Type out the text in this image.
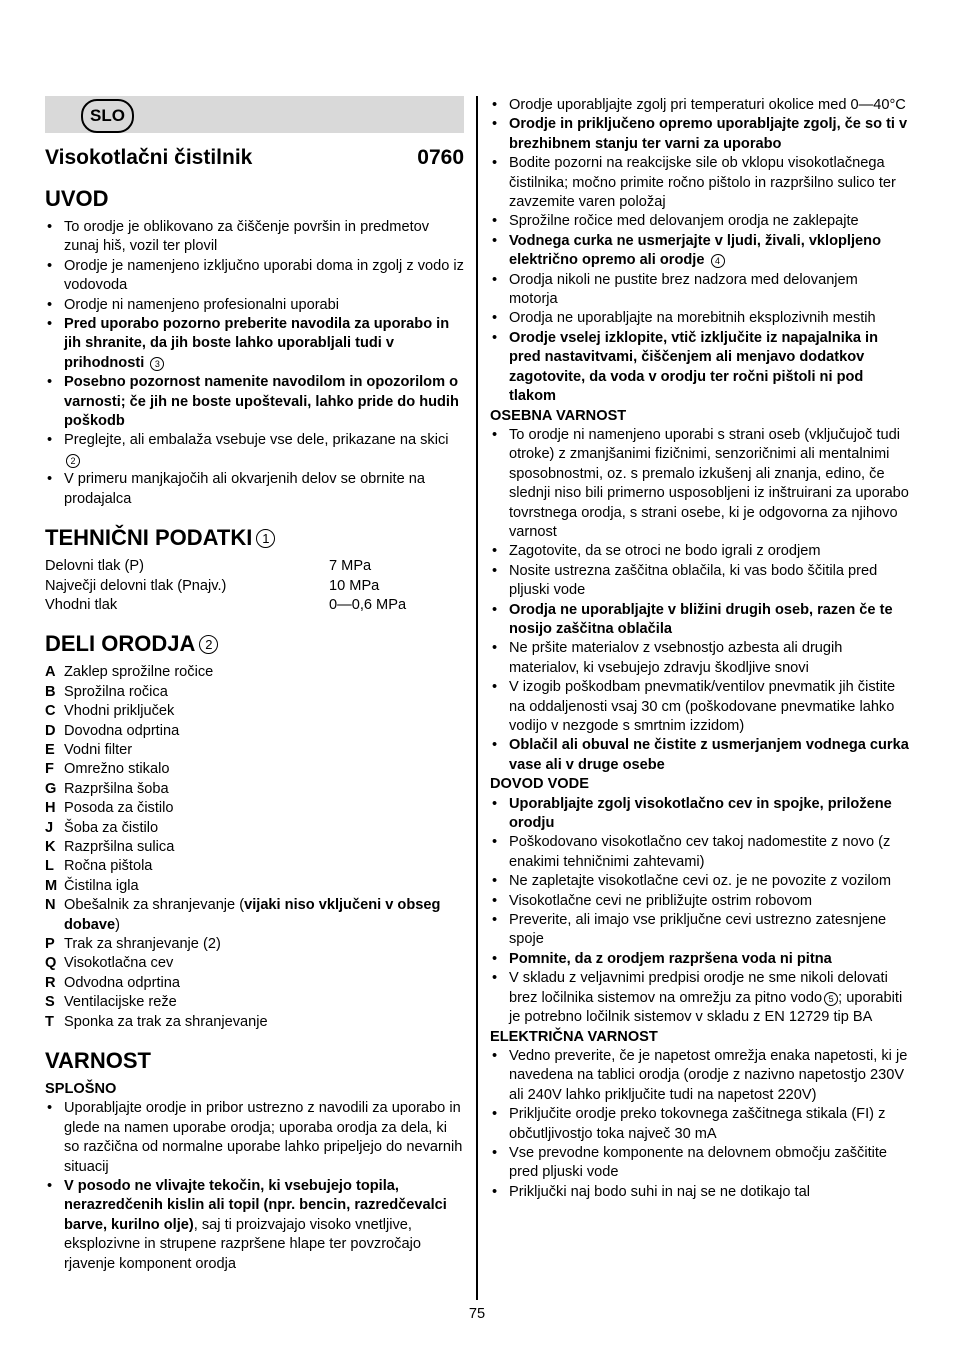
SLO
Visokotlačni čistilnik	0760
UVOD
• To orodje je oblikovano za čiščenje površin in predmetov zunaj hiš, vozil ter plovil
• Orodje je namenjeno izključno uporabi doma in zgolj z vodo iz vodovoda
• Orodje ni namenjeno profesionalni uporabi
• Pred uporabo pozorno preberite navodila za uporabo in jih shranite, da jih boste lahko uporabljali tudi v prihodnosti 3
• Posebno pozornost namenite navodilom in opozorilom o varnosti; če jih ne boste upoštevali, lahko pride do hudih poškodb
• Preglejte, ali embalaža vsebuje vse dele, prikazane na skici 2
• V primeru manjkajočih ali okvarjenih delov se obrnite na prodajalca
TEHNIČNI PODATKI 1
Delovni tlak (P)	7 MPa
Največji delovni tlak (Pnajv.)	10 MPa
Vhodni tlak	0—0,6 MPa
DELI ORODJA 2
A Zaklep sprožilne ročice
B Sprožilna ročica
C Vhodni priključek
D Dovodna odprtina
E Vodni filter
F Omrežno stikalo
G Razpršilna šoba
H Posoda za čistilo
J Šoba za čistilo
K Razpršilna sulica
L Ročna pištola
M Čistilna igla
N Obešalnik za shranjevanje (vijaki niso vključeni v obseg dobave)
P Trak za shranjevanje (2)
Q Visokotlačna cev
R Odvodna odprtina
S Ventilacijske reže
T Sponka za trak za shranjevanje
VARNOST
SPLOŠNO
• Uporabljajte orodje in pribor ustrezno z navodili za uporabo in glede na namen uporabe orodja; uporaba orodja za dela, ki so razčična od normalne uporabe lahko pripeljejo do nevarnih situacij
• V posodo ne vlivajte tekočin, ki vsebujejo topila, nerazredčenih kislin ali topil (npr. bencin, razredčevalci barve, kurilno olje), saj ti proizvajajo visoko vnetljive, eksplozivne in strupene razpršene hlape ter povzročajo rjavenje komponent orodja
• Orodje uporabljajte zgolj pri temperaturi okolice med 0—40°C
• Orodje in priključeno opremo uporabljajte zgolj, če so ti v brezhibnem stanju ter varni za uporabo
• Bodite pozorni na reakcijske sile ob vklopu visokotlačnega čistilnika; močno primite ročno pištolo in razpršilno sulico ter zavzemite varen položaj
• Sprožilne ročice med delovanjem orodja ne zaklepajte
• Vodnega curka ne usmerjajte v ljudi, živali, vklopljeno električno opremo ali orodje 4
• Orodja nikoli ne pustite brez nadzora med delovanjem motorja
• Orodja ne uporabljajte na morebitnih eksplozivnih mestih
• Orodje vselej izklopite, vtič izključite iz napajalnika in pred nastavitvami, čiščenjem ali menjavo dodatkov zagotovite, da voda v orodju ter ročni pištoli ni pod tlakom
OSEBNA VARNOST
• To orodje ni namenjeno uporabi s strani oseb (vključujoč tudi otroke) z zmanjšanimi fizičnimi, senzoričnimi ali mentalnimi sposobnostmi, oz. s premalo izkušenj ali znanja, edino, če slednji niso bili primerno usposobljeni iz inštruirani za uporabo tovrstnega orodja, s strani osebe, ki je odgovorna za njihovo varnost
• Zagotovite, da se otroci ne bodo igrali z orodjem
• Nosite ustrezna zaščitna oblačila, ki vas bodo ščitila pred pljuski vode
• Orodja ne uporabljajte v bližini drugih oseb, razen če te nosijo zaščitna oblačila
• Ne pršite materialov z vsebnostjo azbesta ali drugih materialov, ki vsebujejo zdravju škodljive snovi
• V izogib poškodbam pnevmatik/ventilov pnevmatik jih čistite na oddaljenosti vsaj 30 cm (poškodovane pnevmatike lahko vodijo v nezgode s smrtnim izzidom)
• Oblačil ali obuval ne čistite z usmerjanjem vodnega curka vase ali v druge osebe
DOVOD VODE
• Uporabljajte zgolj visokotlačno cev in spojke, priložene orodju
• Poškodovano visokotlačno cev takoj nadomestite z novo (z enakimi tehničnimi zahtevami)
• Ne zapletajte visokotlačne cevi oz. je ne povozite z vozilom
• Visokotlačne cevi ne približujte ostrim robovom
• Preverite, ali imajo vse priključne cevi ustrezno zatesnjene spoje
• Pomnite, da z orodjem razpršena voda ni pitna
• V skladu z veljavnimi predpisi orodje ne sme nikoli delovati brez ločilnika sistemov na omrežju za pitno vodo 5 ; uporabiti je potrebno ločilnik sistemov v skladu z EN 12729 tip BA
ELEKTRIČNA VARNOST
• Vedno preverite, če je napetost omrežja enaka napetosti, ki je navedena na tablici orodja (orodje z nazivno napetostjo 230V ali 240V lahko priključite tudi na napetost 220V)
• Priključite orodje preko tokovnega zaščitnega stikala (FI) z občutljivostjo toka največ 30 mA
• Vse prevodne komponente na delovnem območju zaščitite pred pljuski vode
• Priključki naj bodo suhi in naj se ne dotikajo tal
75
